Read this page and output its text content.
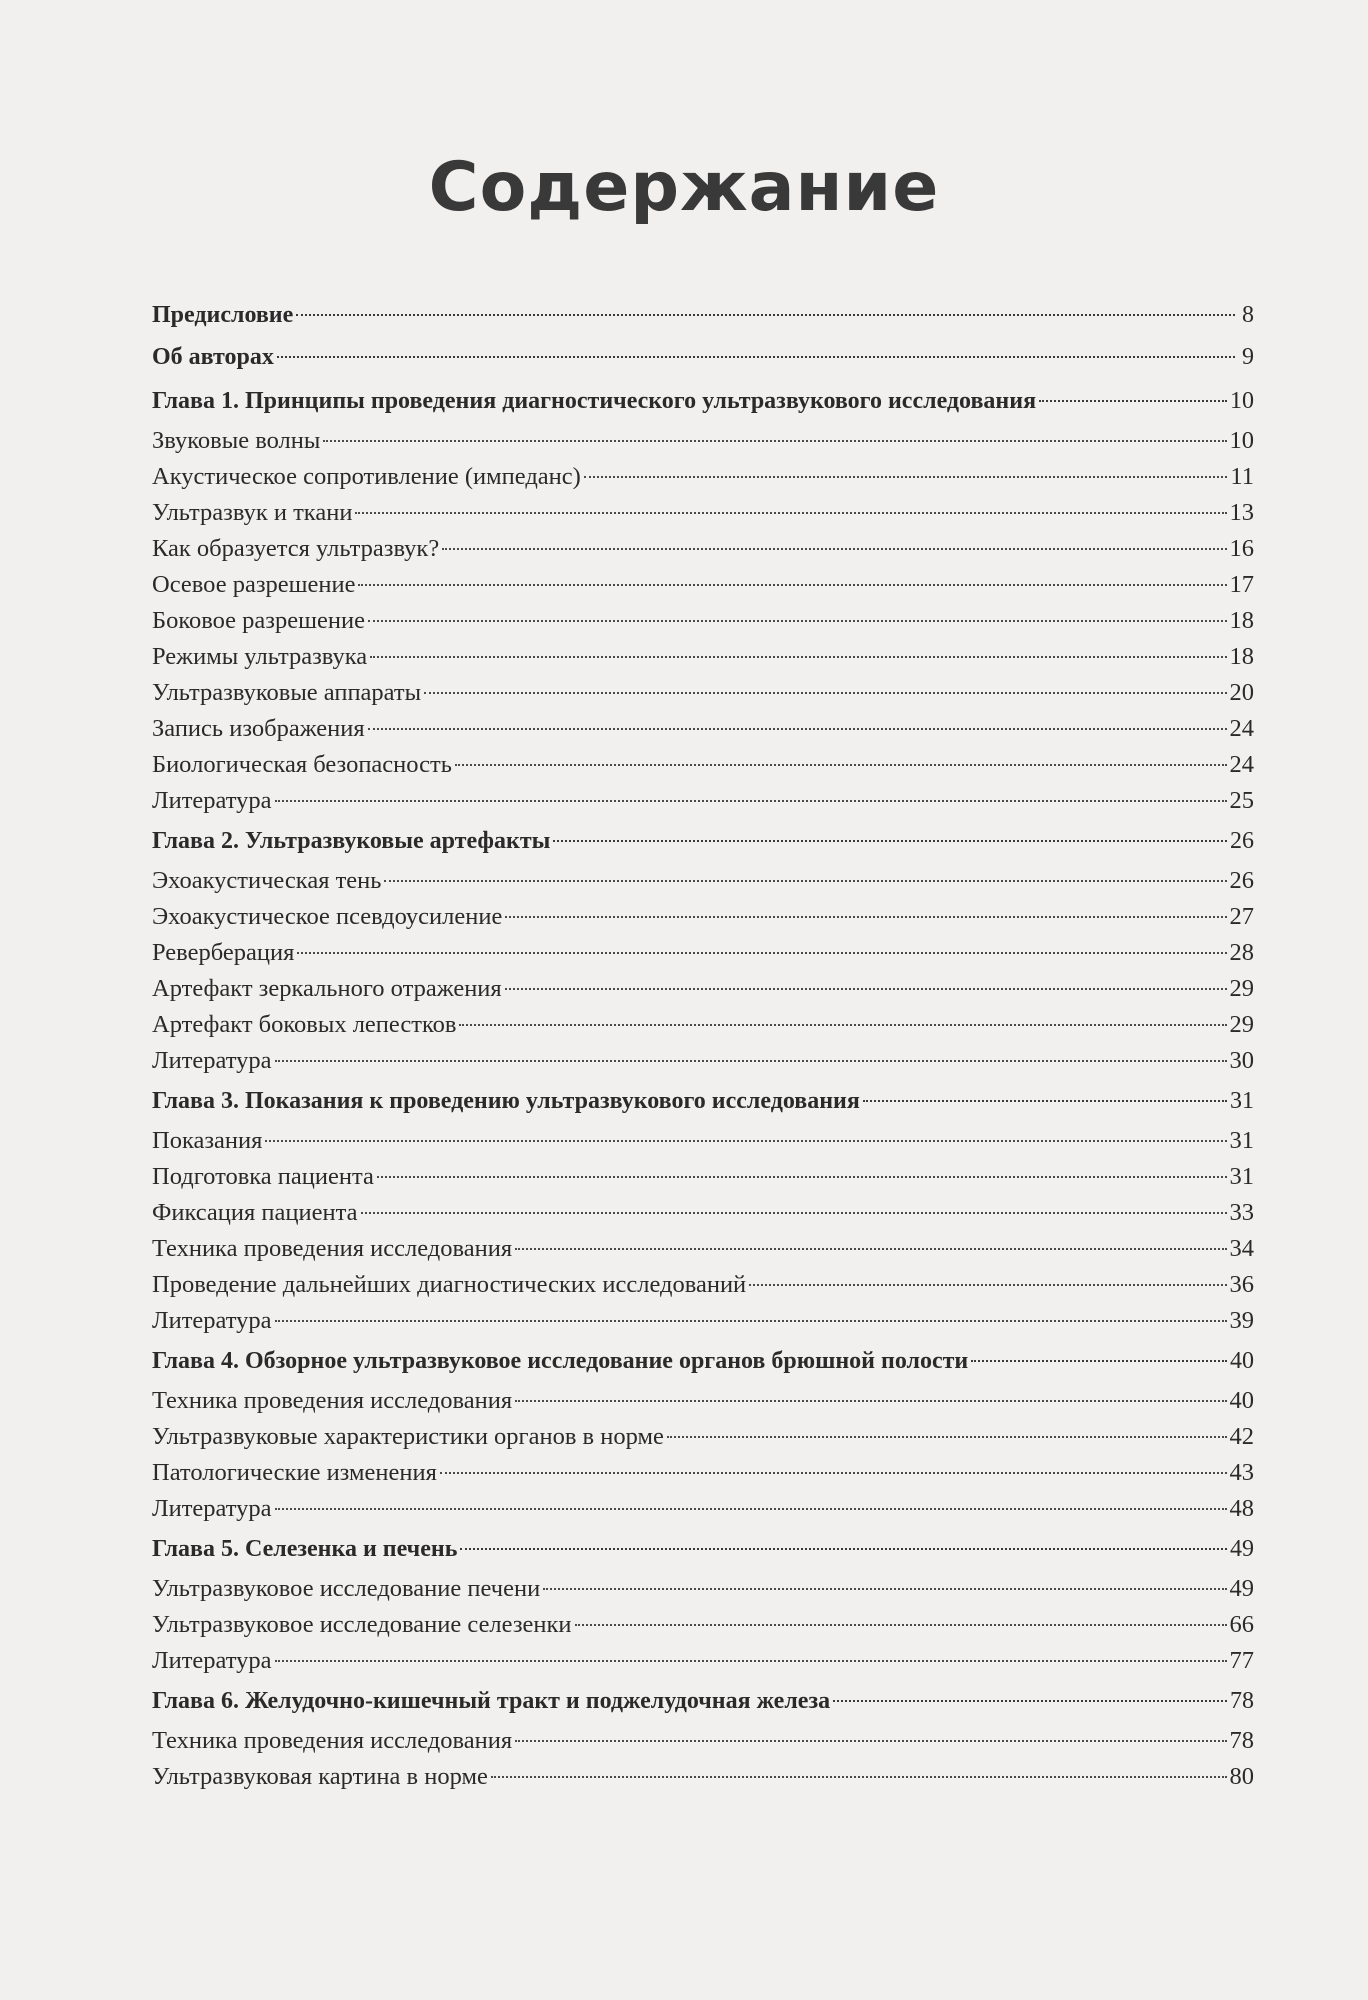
Содержание
Предисловие	8
Об авторах	9
Глава 1. Принципы проведения диагностического ультразвукового исследования	10
Звуковые волны	10
Акустическое сопротивление (импеданс)	11
Ультразвук и ткани	13
Как образуется ультразвук?	16
Осевое разрешение	17
Боковое разрешение	18
Режимы ультразвука	18
Ультразвуковые аппараты	20
Запись изображения	24
Биологическая безопасность	24
Литература	25
Глава 2. Ультразвуковые артефакты	26
Эхоакустическая тень	26
Эхоакустическое псевдоусиление	27
Реверберация	28
Артефакт зеркального отражения	29
Артефакт боковых лепестков	29
Литература	30
Глава 3. Показания к проведению ультразвукового исследования	31
Показания	31
Подготовка пациента	31
Фиксация пациента	33
Техника проведения исследования	34
Проведение дальнейших диагностических исследований	36
Литература	39
Глава 4. Обзорное ультразвуковое исследование органов брюшной полости	40
Техника проведения исследования	40
Ультразвуковые характеристики органов в норме	42
Патологические изменения	43
Литература	48
Глава 5. Селезенка и печень	49
Ультразвуковое исследование печени	49
Ультразвуковое исследование селезенки	66
Литература	77
Глава 6. Желудочно-кишечный тракт и поджелудочная железа	78
Техника проведения исследования	78
Ультразвуковая картина в норме	80
